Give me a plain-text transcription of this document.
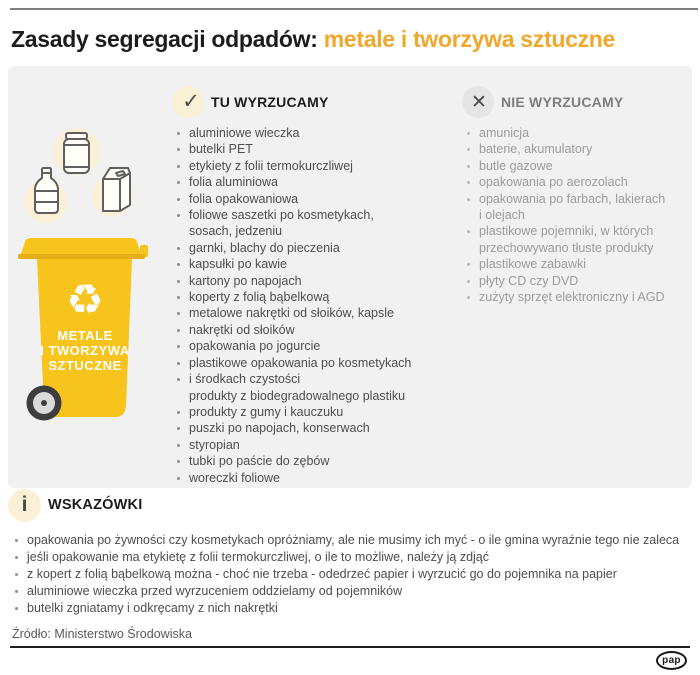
Zasady segregacji odpadów: metale i tworzywa sztuczne
♻
METALE
I TWORZYWA
SZTUCZNE
✓ TU WYRZUCAMY
aluminiowe wieczka
butelki PET
etykiety z folii termokurczliwej
folia aluminiowa
folia opakowaniowa
foliowe saszetki po kosmetykach,
sosach, jedzeniu
garnki, blachy do pieczenia
kapsułki po kawie
kartony po napojach
koperty z folią bąbelkową
metalowe nakrętki od słoików, kapsle
nakrętki od słoików
opakowania po jogurcie
plastikowe opakowania po kosmetykach
i środkach czystości
produkty z biodegradowalnego plastiku
produkty z gumy i kauczuku
puszki po napojach, konserwach
styropian
tubki po paście do zębów
woreczki foliowe
✕ NIE WYRZUCAMY
amunicja
baterie, akumulatory
butle gazowe
opakowania po aerozolach
opakowania po farbach, lakierach
i olejach
plastikowe pojemniki, w których
przechowywano tłuste produkty
plastikowe zabawki
płyty CD czy DVD
zużyty sprzęt elektroniczny i AGD
i WSKAZÓWKI
opakowania po żywności czy kosmetykach opróżniamy, ale nie musimy ich myć - o ile gmina wyraźnie tego nie zaleca
jeśli opakowanie ma etykietę z folii termokurczliwej, o ile to możliwe, należy ją zdjąć
z kopert z folią bąbelkową można - choć nie trzeba - odedrzeć papier i wyrzucić go do pojemnika na papier
aluminiowe wieczka przed wyrzuceniem oddzielamy od pojemników
butelki zgniatamy i odkręcamy z nich nakrętki
Źródło: Ministerstwo Środowiska
pap
